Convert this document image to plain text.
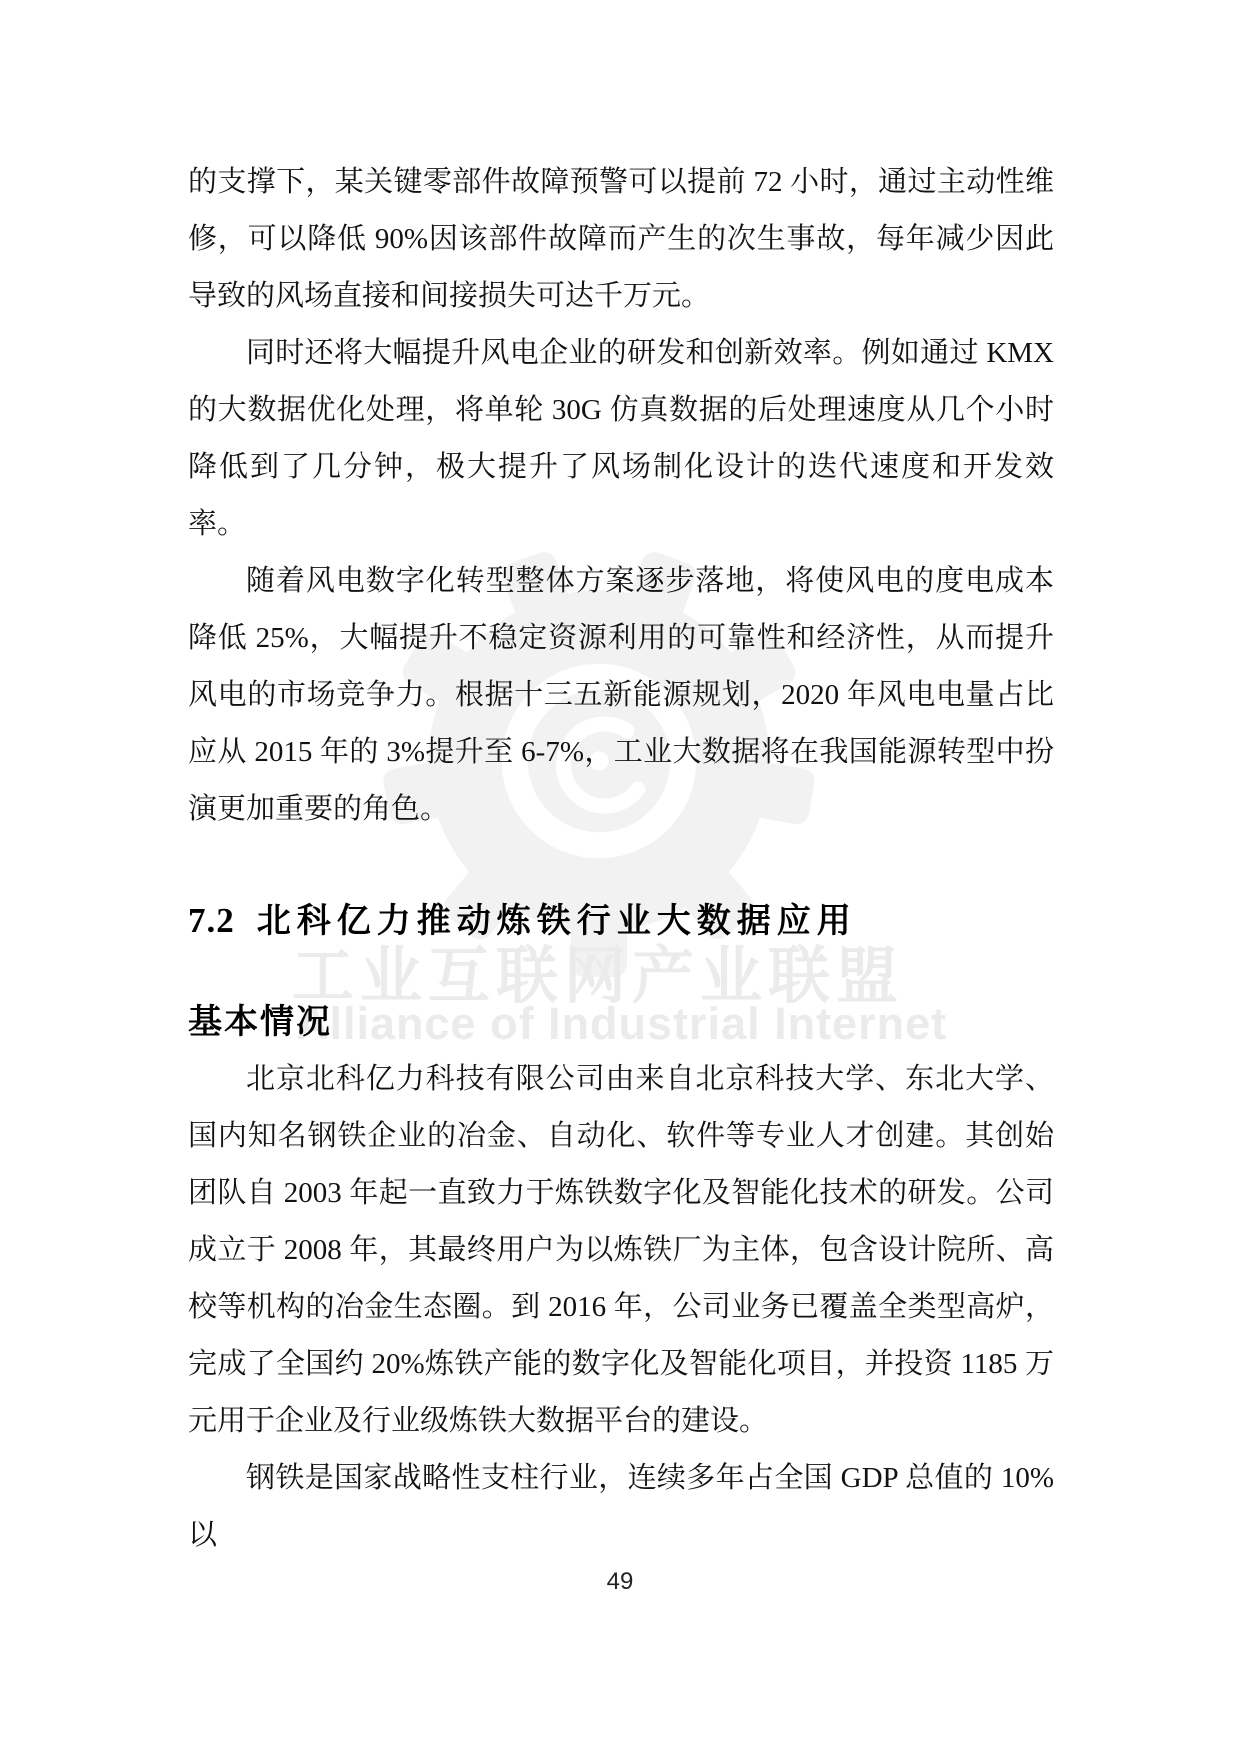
工业互联网产业联盟
Alliance of Industrial Internet

的支撑下，某关键零部件故障预警可以提前 72 小时，通过主动性维修，可以降低 90%因该部件故障而产生的次生事故，每年减少因此导致的风场直接和间接损失可达千万元。

同时还将大幅提升风电企业的研发和创新效率。例如通过 KMX 的大数据优化处理，将单轮 30G 仿真数据的后处理速度从几个小时降低到了几分钟，极大提升了风场制化设计的迭代速度和开发效率。

随着风电数字化转型整体方案逐步落地，将使风电的度电成本降低 25%，大幅提升不稳定资源利用的可靠性和经济性，从而提升风电的市场竞争力。根据十三五新能源规划，2020 年风电电量占比应从 2015 年的 3%提升至 6-7%，工业大数据将在我国能源转型中扮演更加重要的角色。

7.2 北科亿力推动炼铁行业大数据应用
基本情况

北京北科亿力科技有限公司由来自北京科技大学、东北大学、国内知名钢铁企业的冶金、自动化、软件等专业人才创建。其创始团队自 2003 年起一直致力于炼铁数字化及智能化技术的研发。公司成立于 2008 年，其最终用户为以炼铁厂为主体，包含设计院所、高校等机构的冶金生态圈。到 2016 年，公司业务已覆盖全类型高炉，完成了全国约 20%炼铁产能的数字化及智能化项目，并投资 1185 万元用于企业及行业级炼铁大数据平台的建设。

钢铁是国家战略性支柱行业，连续多年占全国 GDP 总值的 10%以

49
